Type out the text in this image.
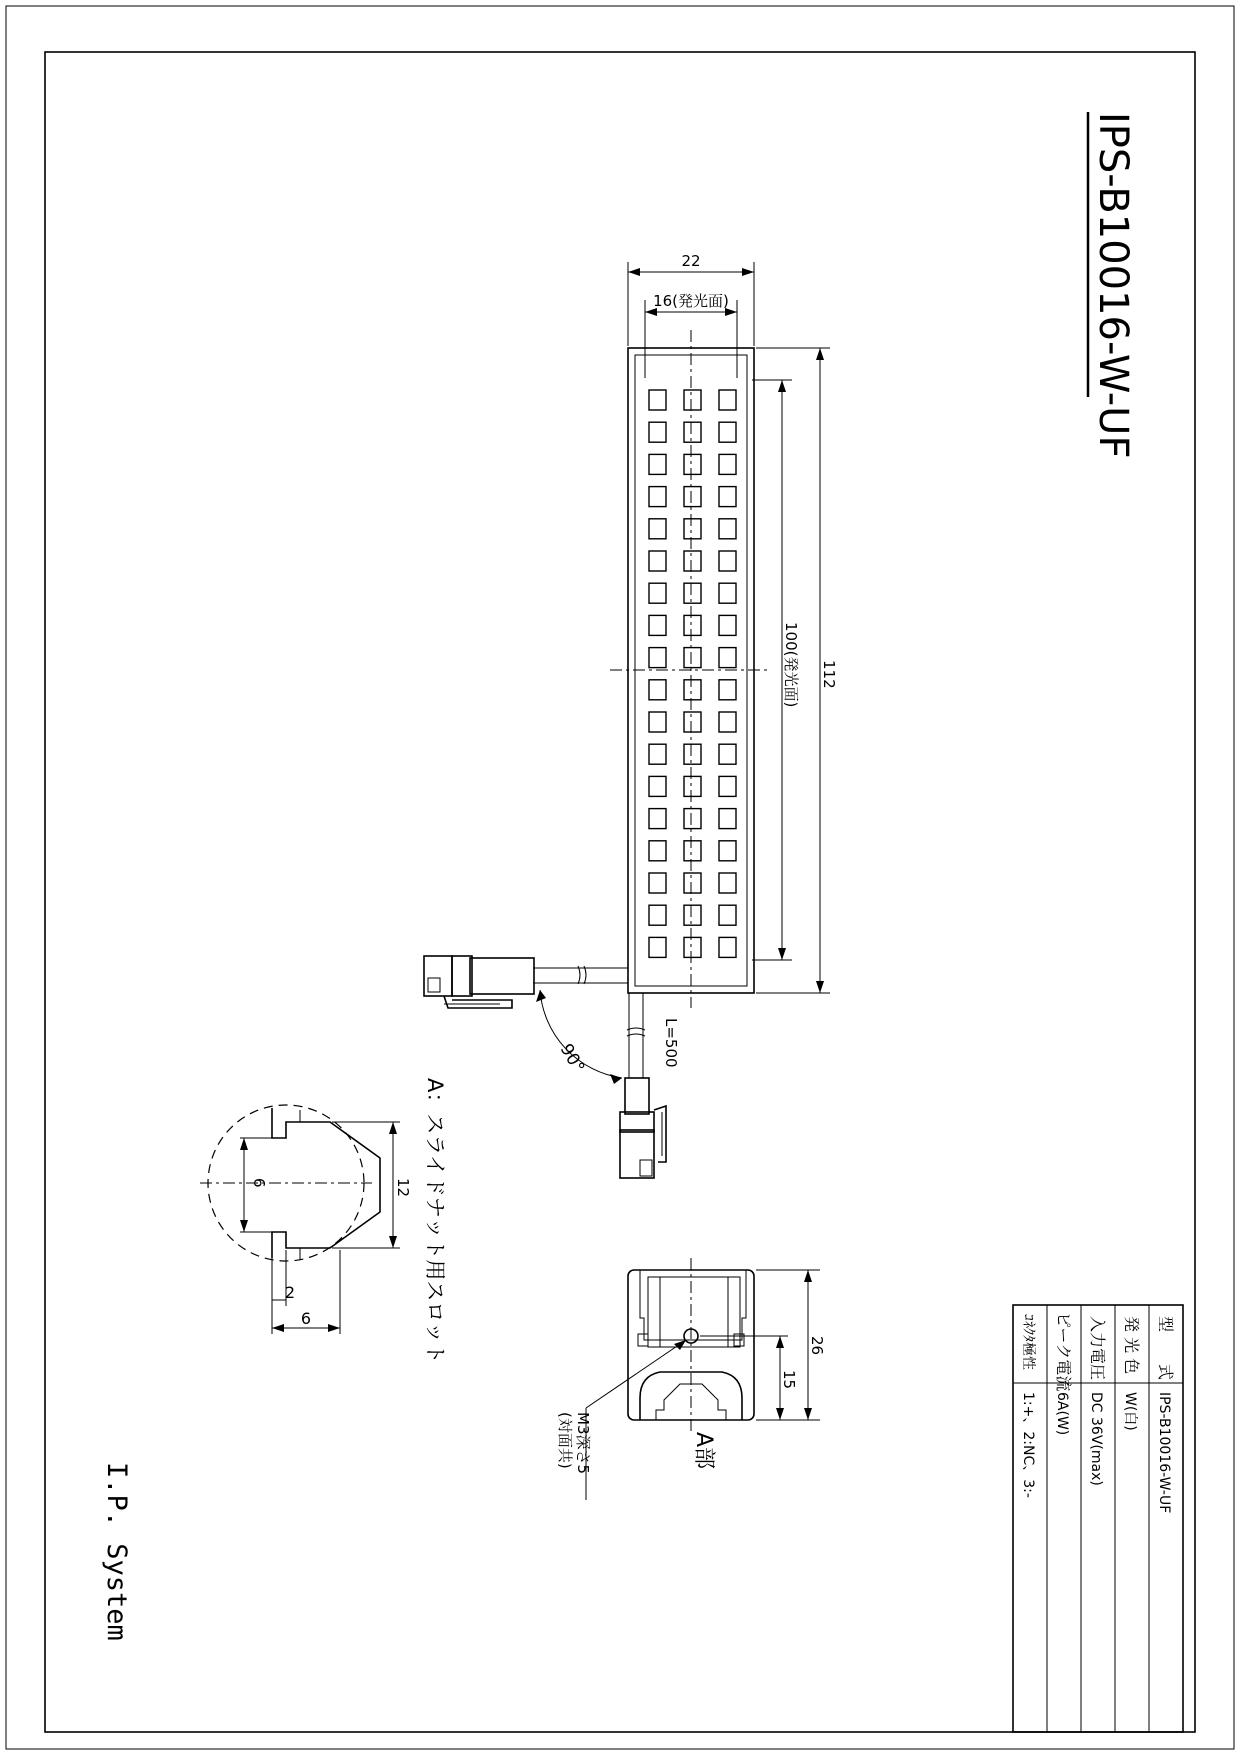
IPS-B10016-W-UF
I.P. System
22
16(発光面)
100(発光面) 112
90°	L=500
12
6
2
6	A：スライドナット用スロット	26
15
M3深さ5
(対面共)	A部
型　　式
IPS-B10016-W-UF
発 光 色
W(白)
入力電圧
DC 36V(max)
ピーク電流
6A(W)
ｺﾈｸﾀ極性
1:+、2:NC、3:-
